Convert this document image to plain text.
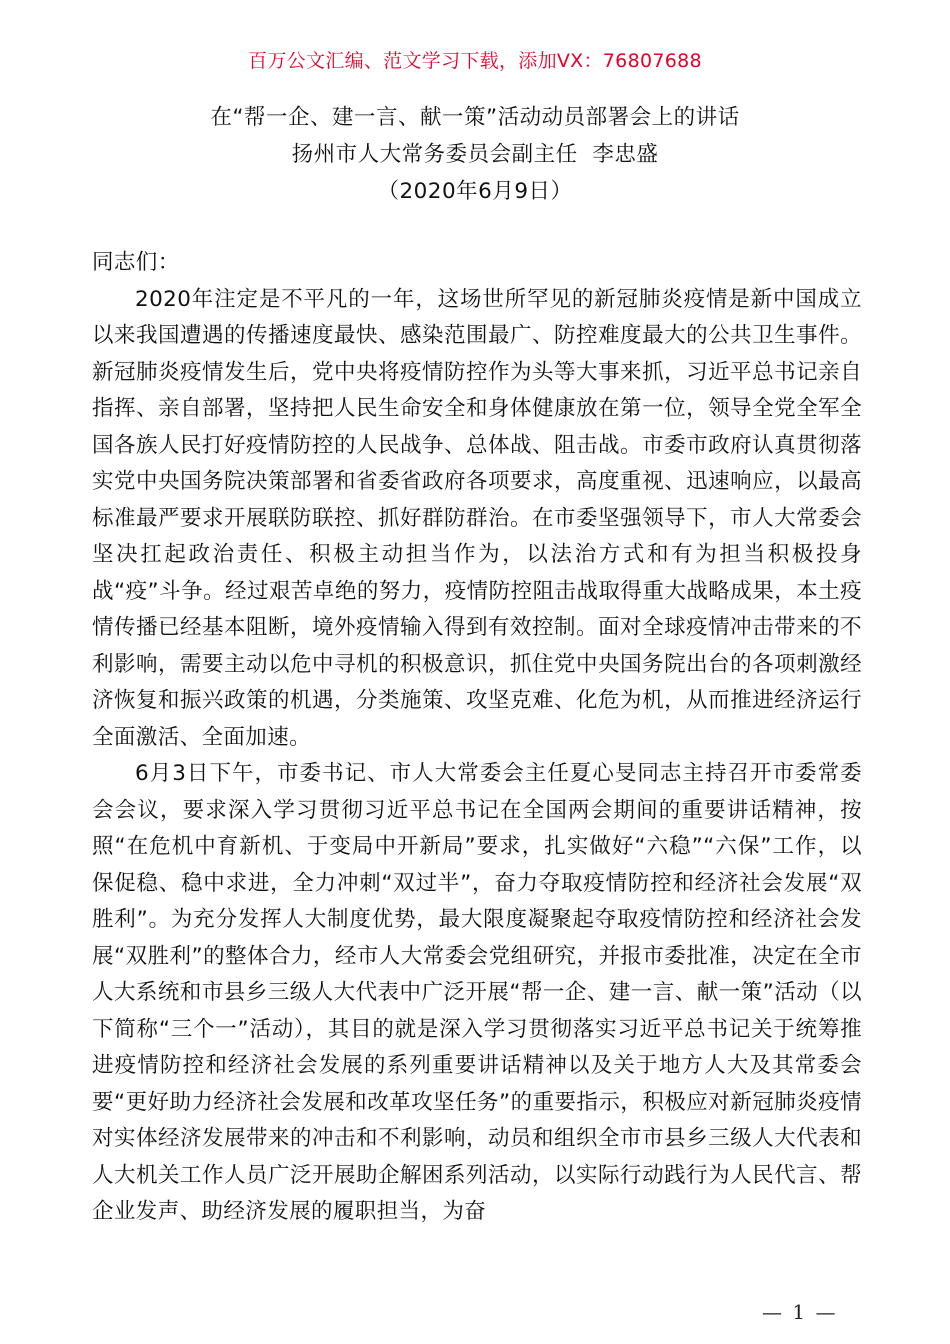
百万公文汇编、范文学习下载，添加VX：76807688
在“帮一企、建一言、献一策”活动动员部署会上的讲话
扬州市人大常务委员会副主任  李忠盛
（2020年6月9日）
同志们：

2020年注定是不平凡的一年，这场世所罕见的新冠肺炎疫情是新中国成立以来我国遭遇的传播速度最快、感染范围最广、防控难度最大的公共卫生事件。新冠肺炎疫情发生后，党中央将疫情防控作为头等大事来抓，习近平总书记亲自指挥、亲自部署，坚持把人民生命安全和身体健康放在第一位，领导全党全军全国各族人民打好疫情防控的人民战争、总体战、阻击战。市委市政府认真贯彻落实党中央国务院决策部署和省委省政府各项要求，高度重视、迅速响应，以最高标准最严要求开展联防联控、抓好群防群治。在市委坚强领导下，市人大常委会坚决扛起政治责任、积极主动担当作为，以法治方式和有为担当积极投身战“疫”斗争。经过艰苦卓绝的努力，疫情防控阻击战取得重大战略成果，本土疫情传播已经基本阻断，境外疫情输入得到有效控制。面对全球疫情冲击带来的不利影响，需要主动以危中寻机的积极意识，抓住党中央国务院出台的各项刺激经济恢复和振兴政策的机遇，分类施策、攻坚克难、化危为机，从而推进经济运行全面激活、全面加速。

6月3日下午，市委书记、市人大常委会主任夏心旻同志主持召开市委常委会会议，要求深入学习贯彻习近平总书记在全国两会期间的重要讲话精神，按照“在危机中育新机、于变局中开新局”要求，扎实做好“六稳”“六保”工作，以保促稳、稳中求进，全力冲刺“双过半”，奋力夺取疫情防控和经济社会发展“双胜利”。为充分发挥人大制度优势，最大限度凝聚起夺取疫情防控和经济社会发展“双胜利”的整体合力，经市人大常委会党组研究，并报市委批准，决定在全市人大系统和市县乡三级人大代表中广泛开展“帮一企、建一言、献一策”活动（以下简称“三个一”活动），其目的就是深入学习贯彻落实习近平总书记关于统筹推进疫情防控和经济社会发展的系列重要讲话精神以及关于地方人大及其常委会要“更好助力经济社会发展和改革攻坚任务”的重要指示，积极应对新冠肺炎疫情对实体经济发展带来的冲击和不利影响，动员和组织全市市县乡三级人大代表和人大机关工作人员广泛开展助企解困系列活动，以实际行动践行为人民代言、帮企业发声、助经济发展的履职担当，为奋

— 1 —
